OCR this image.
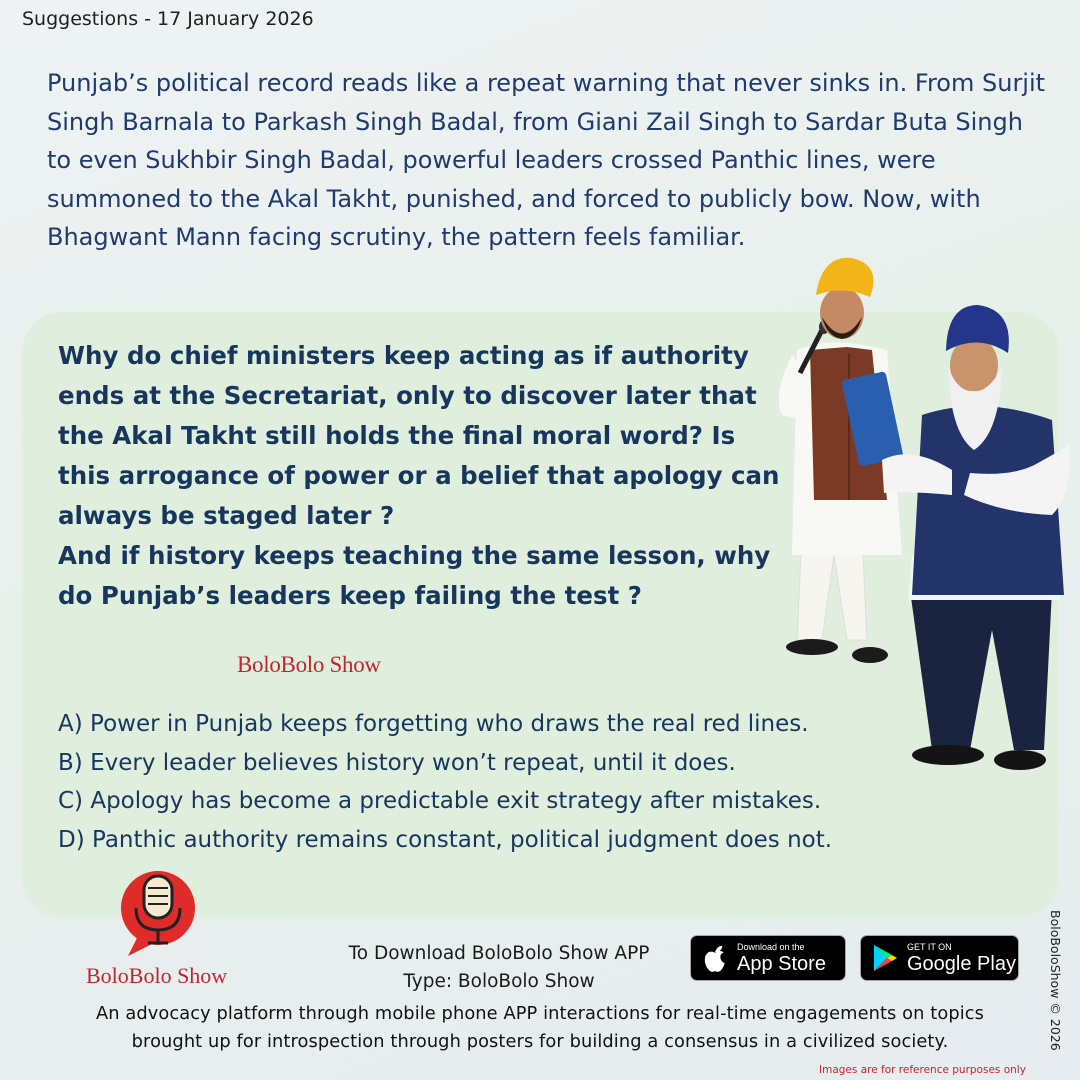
Suggestions - 17 January 2026

Punjab’s political record reads like a repeat warning that never sinks in. From Surjit Singh Barnala to Parkash Singh Badal, from Giani Zail Singh to Sardar Buta Singh to even Sukhbir Singh Badal, powerful leaders crossed Panthic lines, were summoned to the Akal Takht, punished, and forced to publicly bow. Now, with Bhagwant Mann facing scrutiny, the pattern feels familiar.

Why do chief ministers keep acting as if authority
ends at the Secretariat, only to discover later that
the Akal Takht still holds the final moral word? Is
this arrogance of power or a belief that apology can
always be staged later ?
And if history keeps teaching the same lesson, why
do Punjab’s leaders keep failing the test ?
BoloBolo Show
A) Power in Punjab keeps forgetting who draws the real red lines.
B) Every leader believes history won’t repeat, until it does.
C) Apology has become a predictable exit strategy after mistakes.
D) Panthic authority remains constant, political judgment does not.
BoloBolo Show
To Download BoloBolo Show APP
Type: BoloBolo Show
Download on the
App Store
GET IT ON
Google Play
An advocacy platform through mobile phone APP interactions for real-time engagements on topics
brought up for introspection through posters for building a consensus in a civilized society.	BoloBoloShow © 2026
Images are for reference purposes only
